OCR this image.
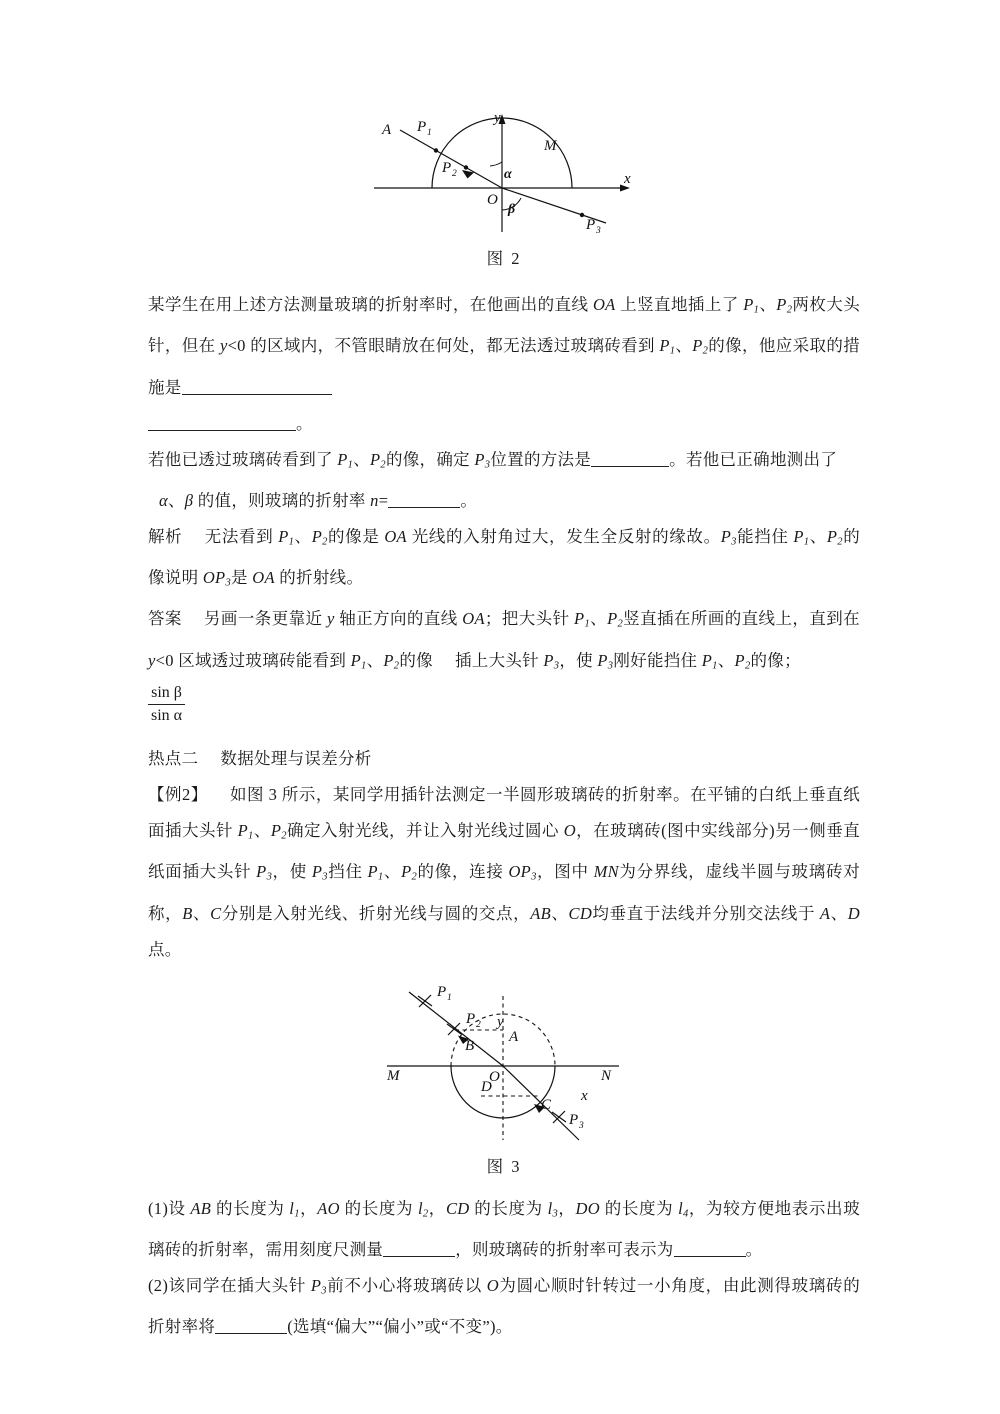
A P 1
P 2
P 3
M
O
x
y
α
β

图 2

某学生在用上述方法测量玻璃的折射率时，在他画出的直线 OA 上竖直地插上了 $P_1$、$P_2$两枚大头针，但在 y<0 的区域内，不管眼睛放在何处，都无法透过玻璃砖看到 $P_1$、$P_2$的像，他应采取的措施是

。

若他已透过玻璃砖看到了 $P_1$、$P_2$的像，确定 $P_3$位置的方法是	。若他已正确地测出了

α、β 的值，则玻璃的折射率 n=	。

解析 无法看到 $P_1$、$P_2$的像是 OA 光线的入射角过大，发生全反射的缘故。$P_3$能挡住 $P_1$、$P_2$的像说明 $OP_3$是 OA 的折射线。

答案 另画一条更靠近 y 轴正方向的直线 OA；把大头针 $P_1$、$P_2$竖直插在所画的直线上，直到在 y<0 区域透过玻璃砖能看到 $P_1$、$P_2$的像 插上大头针 $P_3$，使 $P_3$刚好能挡住 $P_1$、$P_2$的像；

$\frac{\text{sin β}}{\text{sin α}}$

热点二 数据处理与误差分析

【例2】 如图 3 所示，某同学用插针法测定一半圆形玻璃砖的折射率。在平铺的白纸上垂直纸面插大头针 $P_1$、$P_2$确定入射光线，并让入射光线过圆心 O，在玻璃砖(图中实线部分)另一侧垂直纸面插大头针 $P_3$，使 $P_3$挡住 $P_1$、$P_2$的像，连接 $OP_3$，图中 MN为分界线，虚线半圆与玻璃砖对称，B、C分别是入射光线、折射光线与圆的交点，AB、CD均垂直于法线并分别交法线于 A、D点。

P 1
P 2
P 3
A
B
C
D
M	N
O
y
x

图 3

(1)设 AB 的长度为 $l_1$，AO 的长度为 $l_2$，CD 的长度为 $l_3$，DO 的长度为 $l_4$，为较方便地表示出玻璃砖的折射率，需用刻度尺测量	，则玻璃砖的折射率可表示为	。

(2)该同学在插大头针 $P_3$前不小心将玻璃砖以 O为圆心顺时针转过一小角度，由此测得玻璃砖的折射率将	(选填“偏大”“偏小”或“不变”)。
